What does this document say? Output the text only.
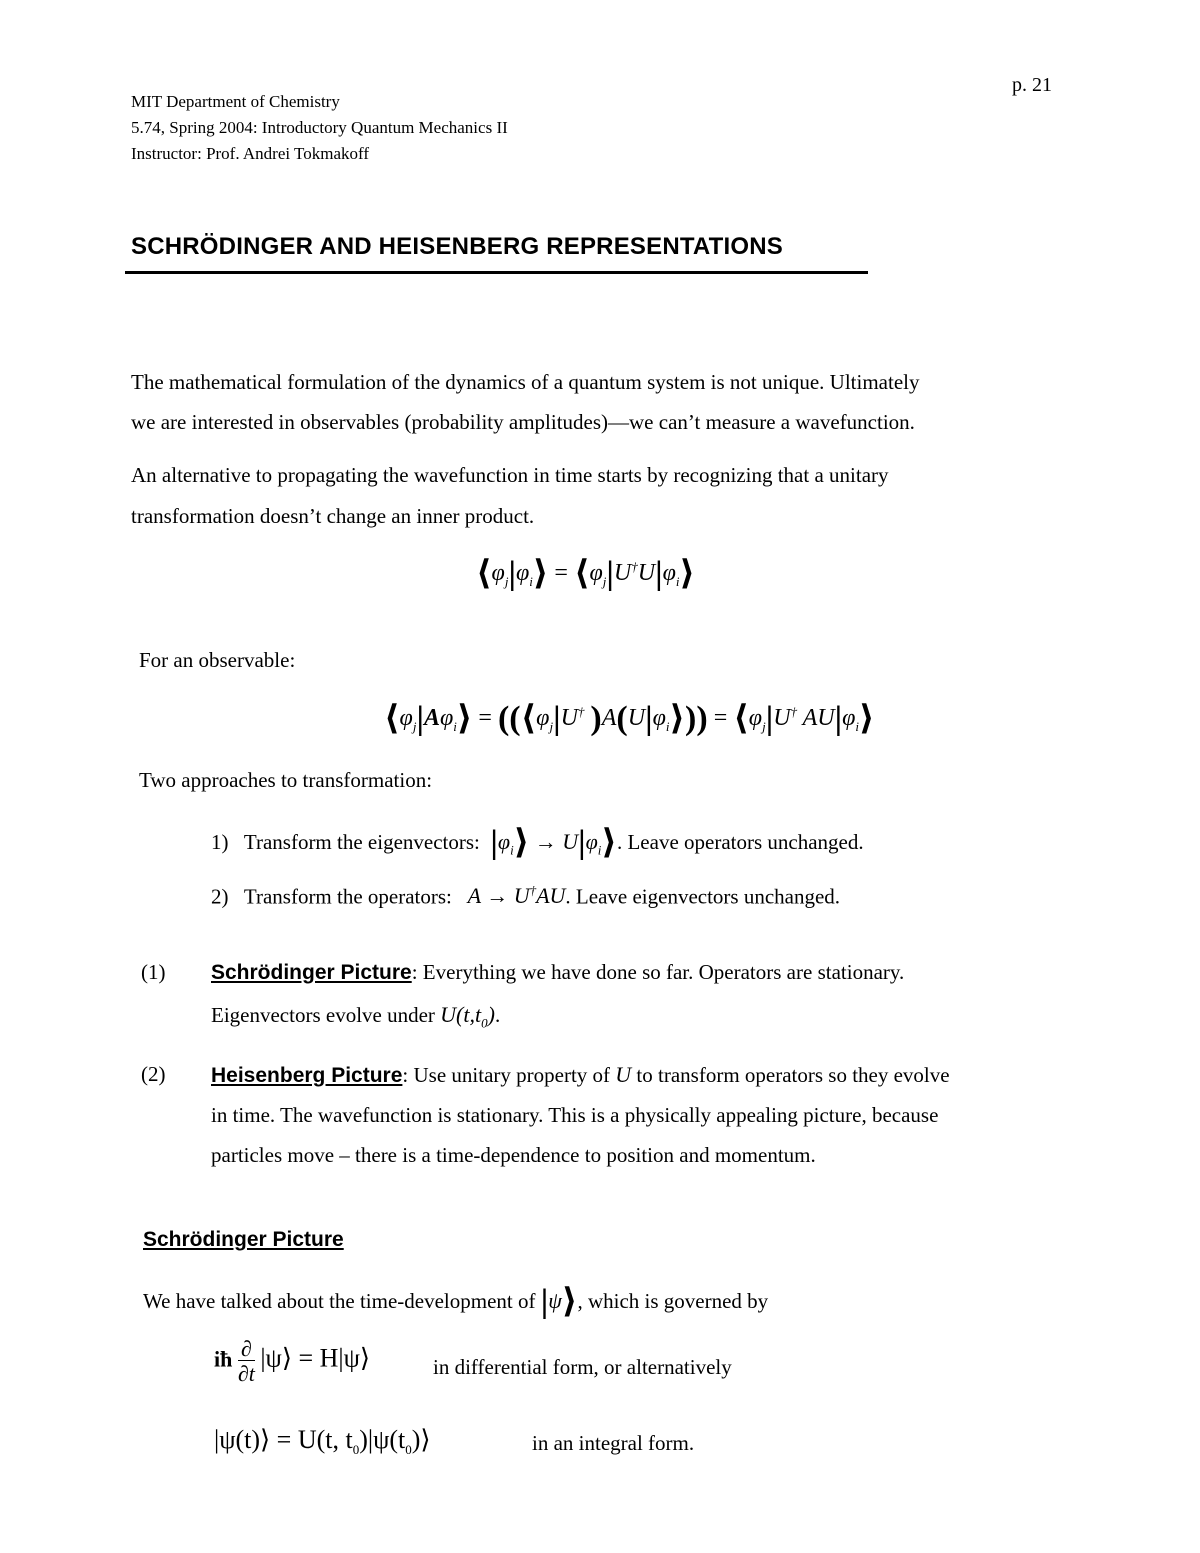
p. 21
MIT Department of Chemistry
5.74, Spring 2004: Introductory Quantum Mechanics II
Instructor: Prof. Andrei Tokmakoff
SCHRÖDINGER AND HEISENBERG REPRESENTATIONS
The mathematical formulation of the dynamics of a quantum system is not unique. Ultimately
we are interested in observables (probability amplitudes)—we can’t measure a wavefunction.
An alternative to propagating the wavefunction in time starts by recognizing that a unitary
transformation doesn’t change an inner product.
$⟨\varphi_j|\varphi_i⟩$ = $⟨\varphi_j|U^\dagger U|\varphi_i⟩$
For an observable:
$⟨\varphi_j|A\varphi_i⟩$ = (($⟨\varphi_j|U^\dagger$ )$A(U|\varphi_i⟩)$) = $⟨\varphi_j|U^\dagger$ $AU|\varphi_i⟩$
Two approaches to transformation:
1) Transform the eigenvectors: $|\varphi_i⟩$ → $U|\varphi_i⟩$. Leave operators unchanged.
2) Transform the operators: A → U†AU. Leave eigenvectors unchanged.
(1) Schrödinger Picture: Everything we have done so far. Operators are stationary.
Eigenvectors evolve under $U(t,t_0)$.
(2) Heisenberg Picture: Use unitary property of U to transform operators so they evolve
in time. The wavefunction is stationary. This is a physically appealing picture, because
particles move – there is a time-dependence to position and momentum.
Schrödinger Picture
We have talked about the time-development of |ψ⟩, which is governed by
iħ $\frac{\partial}{\partial t}$ |ψ⟩ = H|ψ⟩	in differential form, or alternatively
|ψ(t)⟩ = U(t, $t_0)|\psi(t_0)⟩$	in an integral form.
